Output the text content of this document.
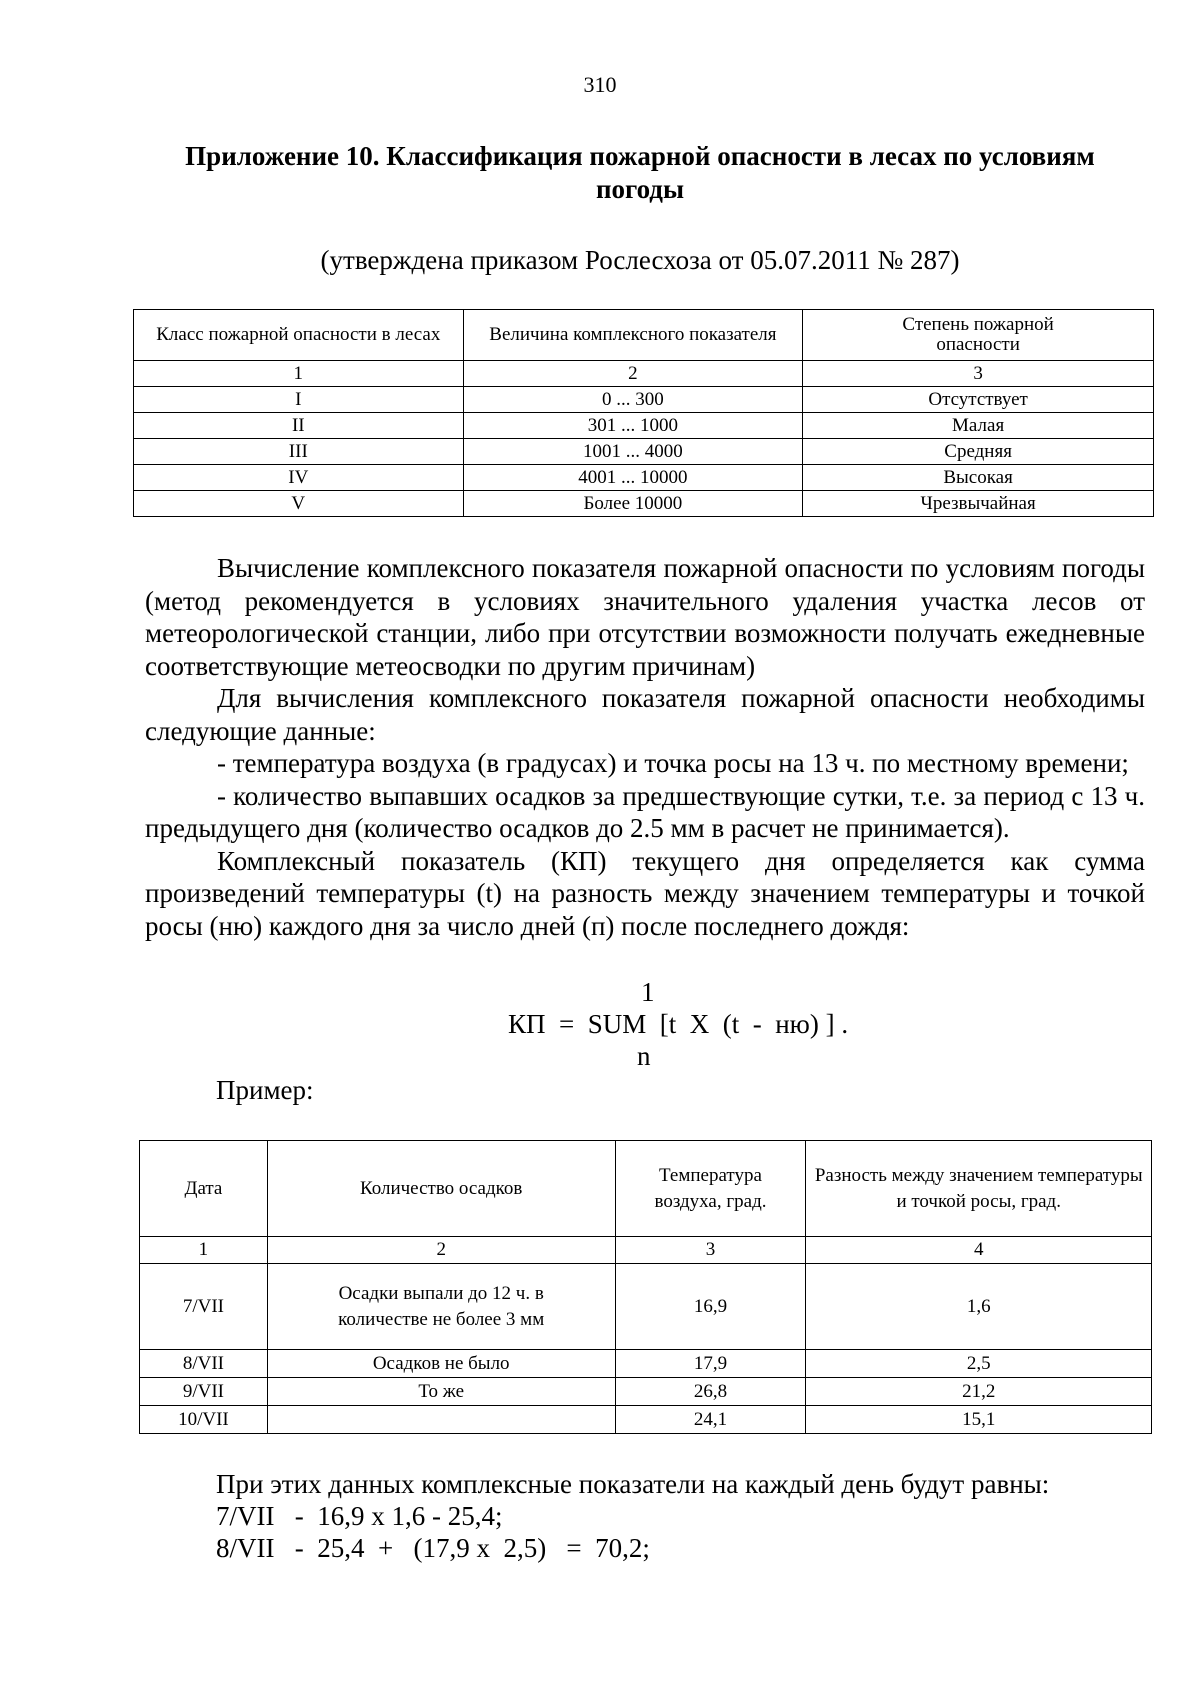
310
Приложение 10. Классификация пожарной опасности в лесах по условиям погоды
(утверждена приказом Рослесхоза от 05.07.2011 № 287)
Класс пожарной опасности в лесах	Величина комплексного показателя	Степень пожарной опасности
1	2	3
I	0 ... 300	Отсутствует
II	301 ... 1000	Малая
III	1001 ... 4000	Средняя
IV	4001 ... 10000	Высокая
V	Более 10000	Чрезвычайная
Вычисление комплексного показателя пожарной опасности по условиям погоды (метод рекомендуется в условиях значительного удаления участка лесов от метеорологической станции, либо при отсутствии возможности получать ежедневные соответствующие метеосводки по другим причинам)
Для вычисления комплексного показателя пожарной опасности необходимы следующие данные:
- температура воздуха (в градусах) и точка росы на 13 ч. по местному времени;
- количество выпавших осадков за предшествующие сутки, т.е. за период с 13 ч. предыдущего дня (количество осадков до 2.5 мм в расчет не принимается).
Комплексный показатель (КП) текущего дня определяется как сумма произведений температуры (t) на разность между значением температуры и точкой росы (ню) каждого дня за число дней (п) после последнего дождя:
1
КП  =  SUM  [t  X  (t  -  ню) ] .
n
Пример:
Дата	Количество осадков	Температура воздуха, град.	Разность между значением температуры и точкой росы, град.
1	2	3	4
7/VII	Осадки выпали до 12 ч. в количестве не более 3 мм	16,9	1,6
8/VII	Осадков не было	17,9	2,5
9/VII	То же	26,8	21,2
10/VII		24,1	15,1
При этих данных комплексные показатели на каждый день будут равны:
7/VII   -  16,9 х 1,6 - 25,4;
8/VII   -  25,4  +   (17,9 х  2,5)   =  70,2;
